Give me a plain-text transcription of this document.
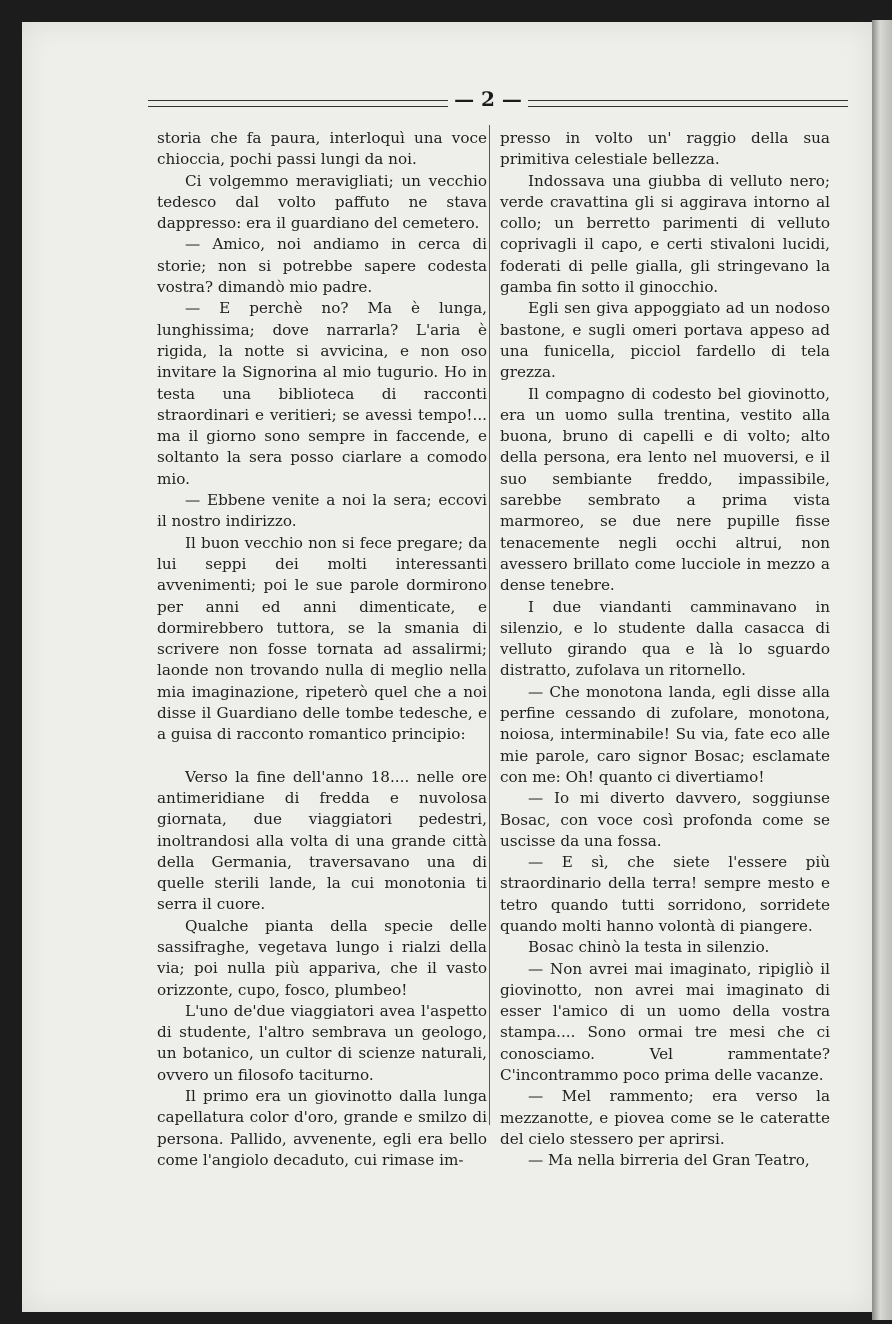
— 2 —

storia che fa paura, interloquì una voce chioccia, pochi passi lungi da noi.

Ci volgemmo meravigliati; un vecchio tedesco dal volto paffuto ne stava dappresso: era il guardiano del cemetero.

— Amico, noi andiamo in cerca di storie; non si potrebbe sapere codesta vostra? dimandò mio padre.

— E perchè no? Ma è lunga, lunghissima; dove narrarla? L'aria è rigida, la notte si avvicina, e non oso invitare la Signorina al mio tugurio. Ho in testa una biblioteca di racconti straordinari e veritieri; se avessi tempo!... ma il giorno sono sempre in faccende, e soltanto la sera posso ciarlare a comodo mio.

— Ebbene venite a noi la sera; eccovi il nostro indirizzo.

Il buon vecchio non si fece pregare; da lui seppi dei molti interessanti avvenimenti; poi le sue parole dormirono per anni ed anni dimenticate, e dormirebbero tuttora, se la smania di scrivere non fosse tornata ad assalirmi; laonde non trovando nulla di meglio nella mia imaginazione, ripeterò quel che a noi disse il Guardiano delle tombe tedesche, e a guisa di racconto romantico principio:

Verso la fine dell'anno 18.... nelle ore antimeridiane di fredda e nuvolosa giornata, due viaggiatori pedestri, inoltrandosi alla volta di una grande città della Germania, traversavano una di quelle sterili lande, la cui monotonia ti serra il cuore.

Qualche pianta della specie delle sassifraghe, vegetava lungo i rialzi della via; poi nulla più appariva, che il vasto orizzonte, cupo, fosco, plumbeo!

L'uno de'due viaggiatori avea l'aspetto di studente, l'altro sembrava un geologo, un botanico, un cultor di scienze naturali, ovvero un filosofo taciturno.

Il primo era un giovinotto dalla lunga capellatura color d'oro, grande e smilzo di persona. Pallido, avvenente, egli era bello come l'angiolo decaduto, cui rimase im-

presso in volto un' raggio della sua primitiva celestiale bellezza.

Indossava una giubba di velluto nero; verde cravattina gli si aggirava intorno al collo; un berretto parimenti di velluto coprivagli il capo, e certi stivaloni lucidi, foderati di pelle gialla, gli stringevano la gamba fin sotto il ginocchio.

Egli sen giva appoggiato ad un nodoso bastone, e sugli omeri portava appeso ad una funicella, picciol fardello di tela grezza.

Il compagno di codesto bel giovinotto, era un uomo sulla trentina, vestito alla buona, bruno di capelli e di volto; alto della persona, era lento nel muoversi, e il suo sembiante freddo, impassibile, sarebbe sembrato a prima vista marmoreo, se due nere pupille fisse tenacemente negli occhi altrui, non avessero brillato come lucciole in mezzo a dense tenebre.

I due viandanti camminavano in silenzio, e lo studente dalla casacca di velluto girando qua e là lo sguardo distratto, zufolava un ritornello.

— Che monotona landa, egli disse alla perfine cessando di zufolare, monotona, noiosa, interminabile! Su via, fate eco alle mie parole, caro signor Bosac; esclamate con me: Oh! quanto ci divertiamo!

— Io mi diverto davvero, soggiunse Bosac, con voce così profonda come se uscisse da una fossa.

— E sì, che siete l'essere più straordinario della terra! sempre mesto e tetro quando tutti sorridono, sorridete quando molti hanno volontà di piangere.

Bosac chinò la testa in silenzio.

— Non avrei mai imaginato, ripigliò il giovinotto, non avrei mai imaginato di esser l'amico di un uomo della vostra stampa.... Sono ormai tre mesi che ci conosciamo. Vel rammentate? C'incontrammo poco prima delle vacanze.

— Mel rammento; era verso la mezzanotte, e piovea come se le cateratte del cielo stessero per aprirsi.

— Ma nella birreria del Gran Teatro,
